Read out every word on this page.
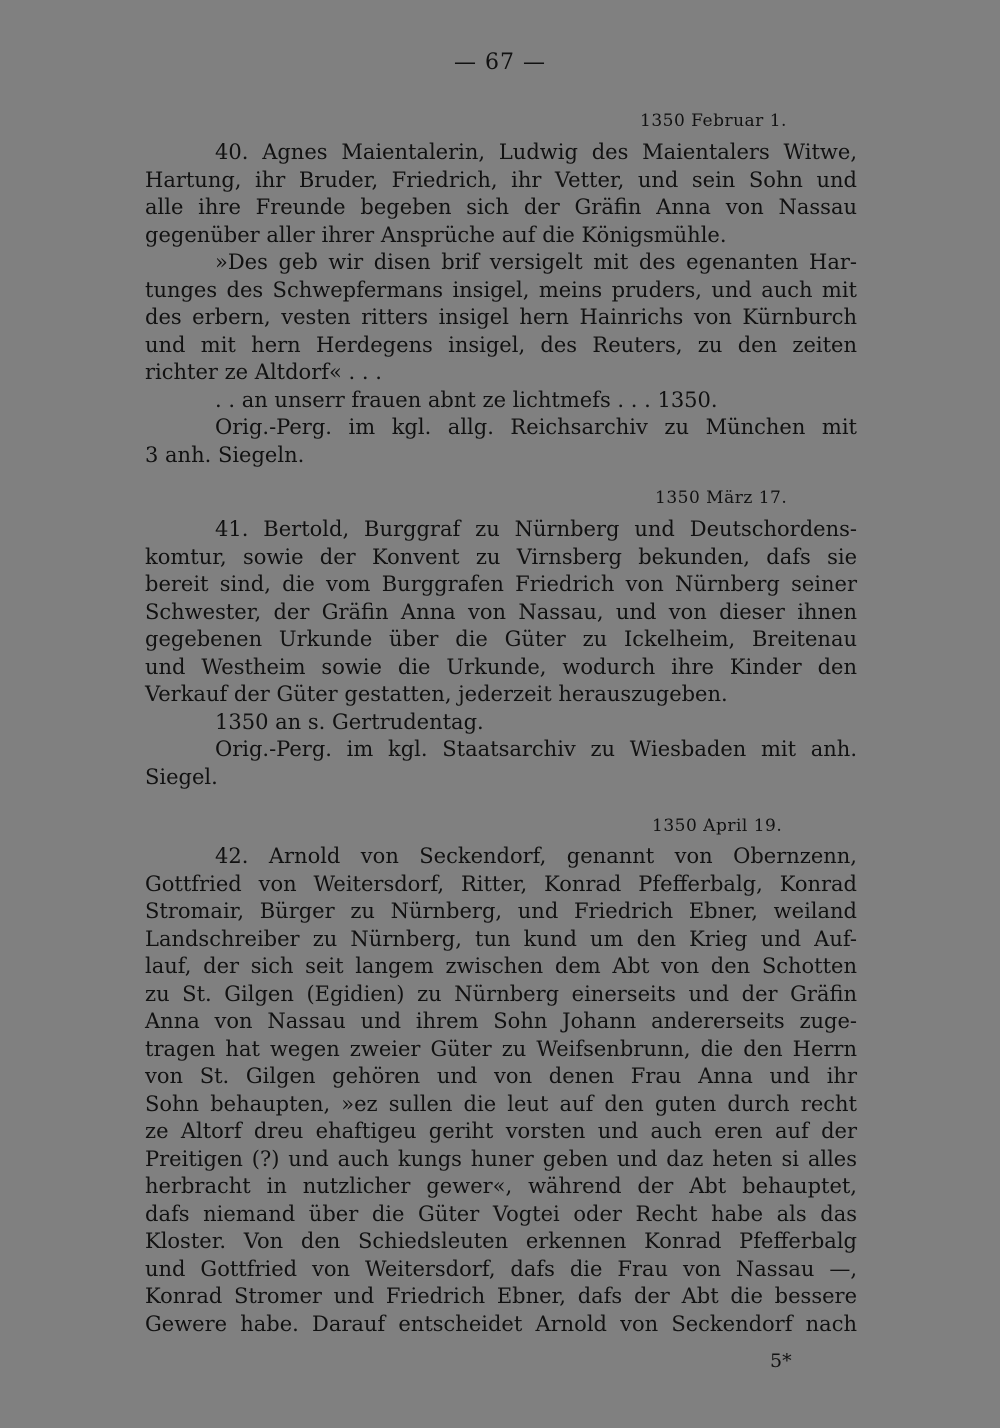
— 67 —
1350 Februar 1.
40. Agnes Maientalerin, Ludwig des Maientalers Witwe,
Hartung, ihr Bruder, Friedrich, ihr Vetter, und sein Sohn und
alle ihre Freunde begeben sich der Gräfin Anna von Nassau
gegenüber aller ihrer Ansprüche auf die Königsmühle.
»Des geb wir disen brif versigelt mit des egenanten Har-
tunges des Schwepfermans insigel, meins pruders, und auch mit
des erbern, vesten ritters insigel hern Hainrichs von Kürnburch
und mit hern Herdegens insigel, des Reuters, zu den zeiten
richter ze Altdorf« . . .
. . an unserr frauen abnt ze lichtmefs . . . 1350.
Orig.-Perg. im kgl. allg. Reichsarchiv zu München mit
3 anh. Siegeln.
1350 März 17.
41. Bertold, Burggraf zu Nürnberg und Deutschordens-
komtur, sowie der Konvent zu Virnsberg bekunden, dafs sie
bereit sind, die vom Burggrafen Friedrich von Nürnberg seiner
Schwester, der Gräfin Anna von Nassau, und von dieser ihnen
gegebenen Urkunde über die Güter zu Ickelheim, Breitenau
und Westheim sowie die Urkunde, wodurch ihre Kinder den
Verkauf der Güter gestatten, jederzeit herauszugeben.
1350 an s. Gertrudentag.
Orig.-Perg. im kgl. Staatsarchiv zu Wiesbaden mit anh.
Siegel.
1350 April 19.
42. Arnold von Seckendorf, genannt von Obernzenn,
Gottfried von Weitersdorf, Ritter, Konrad Pfefferbalg, Konrad
Stromair, Bürger zu Nürnberg, und Friedrich Ebner, weiland
Landschreiber zu Nürnberg, tun kund um den Krieg und Auf-
lauf, der sich seit langem zwischen dem Abt von den Schotten
zu St. Gilgen (Egidien) zu Nürnberg einerseits und der Gräfin
Anna von Nassau und ihrem Sohn Johann andererseits zuge-
tragen hat wegen zweier Güter zu Weifsenbrunn, die den Herrn
von St. Gilgen gehören und von denen Frau Anna und ihr
Sohn behaupten, »ez sullen die leut auf den guten durch recht
ze Altorf dreu ehaftigeu geriht vorsten und auch eren auf der
Preitigen (?) und auch kungs huner geben und daz heten si alles
herbracht in nutzlicher gewer«, während der Abt behauptet,
dafs niemand über die Güter Vogtei oder Recht habe als das
Kloster. Von den Schiedsleuten erkennen Konrad Pfefferbalg
und Gottfried von Weitersdorf, dafs die Frau von Nassau —,
Konrad Stromer und Friedrich Ebner, dafs der Abt die bessere
Gewere habe. Darauf entscheidet Arnold von Seckendorf nach
5*
